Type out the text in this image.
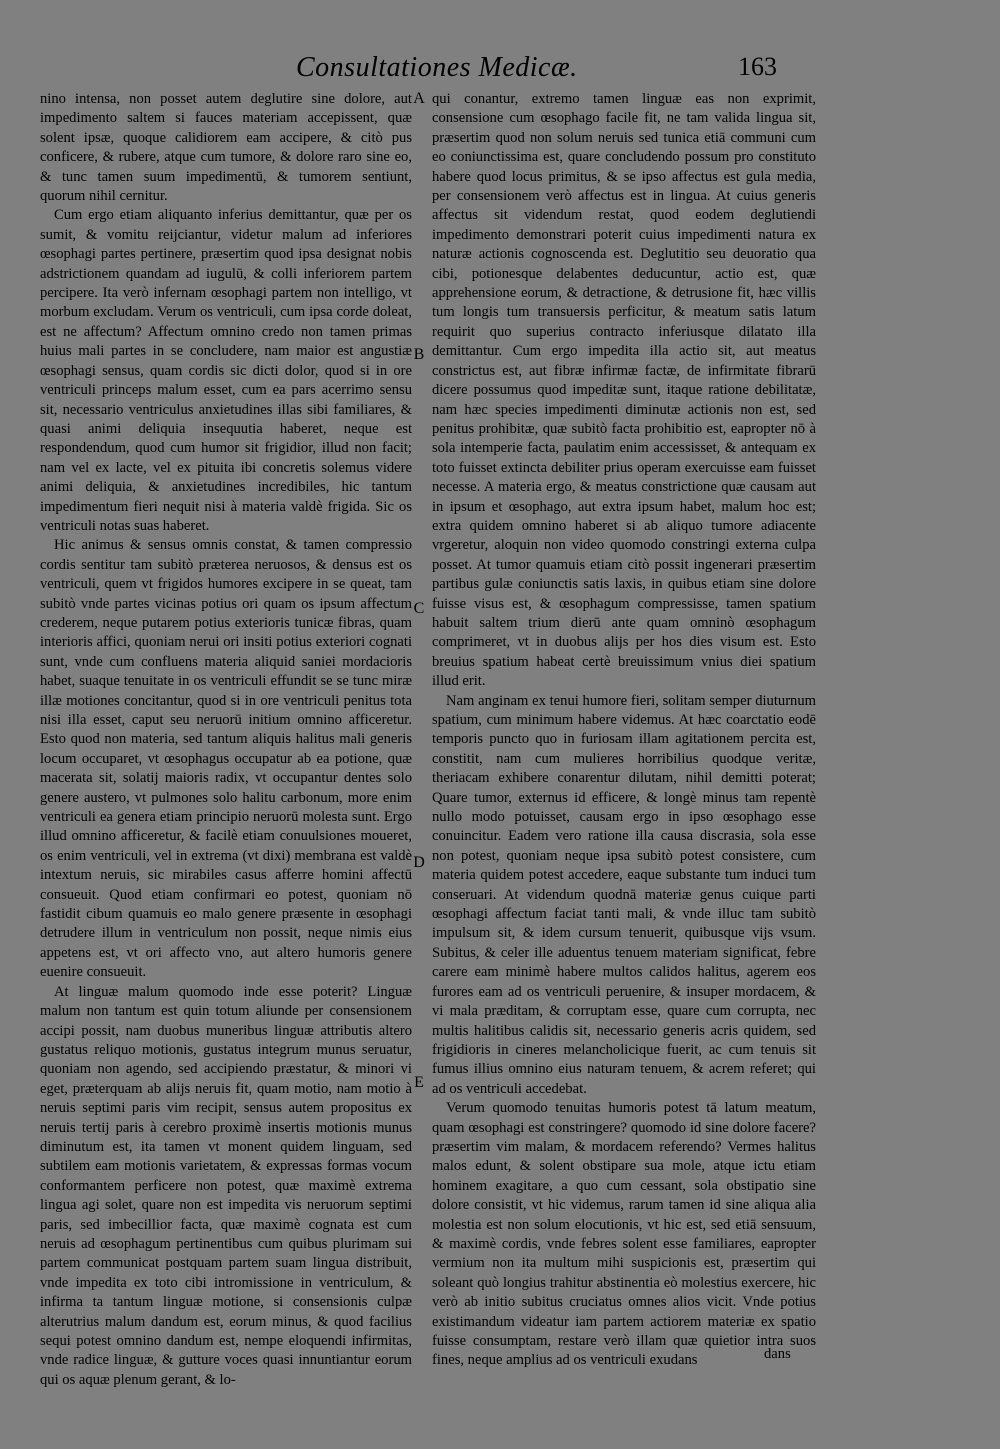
Consultationes Medicæ.	163

nino intensa, non posset autem deglutire sine dolore, aut impedimento saltem si fauces materiam accepissent, quæ solent ipsæ, quoque calidiorem eam accipere, & citò pus conficere, & rubere, atque cum tumore, & dolore raro sine eo, & tunc tamen suum impedimentū, & tumorem sentiunt, quorum nihil cernitur.

Cum ergo etiam aliquanto inferius demittantur, quæ per os sumit, & vomitu reijciantur, videtur malum ad inferiores œsophagi partes pertinere, præsertim quod ipsa designat nobis adstrictionem quandam ad iugulū, & colli inferiorem partem percipere. Ita verò infernam œsophagi partem non intelligo, vt morbum excludam. Verum os ventriculi, cum ipsa corde doleat, est ne affectum? Affectum omnino credo non tamen primas huius mali partes in se concludere, nam maior est angustiæ œsophagi sensus, quam cordis sic dicti dolor, quod si in ore ventriculi princeps malum esset, cum ea pars acerrimo sensu sit, necessario ventriculus anxietudines illas sibi familiares, & quasi animi deliquia insequutia haberet, neque est respondendum, quod cum humor sit frigidior, illud non facit; nam vel ex lacte, vel ex pituita ibi concretis solemus videre animi deliquia, & anxietudines incredibiles, hic tantum impedimentum fieri nequit nisi à materia valdè frigida. Sic os ventriculi notas suas haberet.

Hic animus & sensus omnis constat, & tamen compressio cordis sentitur tam subitò præterea neruosos, & densus est os ventriculi, quem vt frigidos humores excipere in se queat, tam subitò vnde partes vicinas potius ori quam os ipsum affectum crederem, neque putarem potius exterioris tunicæ fibras, quam interioris affici, quoniam nerui ori insiti potius exteriori cognati sunt, vnde cum confluens materia aliquid saniei mordacioris habet, suaque tenuitate in os ventriculi effundit se se tunc miræ illæ motiones concitantur, quod si in ore ventriculi penitus tota nisi illa esset, caput seu neruorū initium omnino afficeretur. Esto quod non materia, sed tantum aliquis halitus mali generis locum occuparet, vt œsophagus occupatur ab ea potione, quæ macerata sit, solatij maioris radix, vt occupantur dentes solo genere austero, vt pulmones solo halitu carbonum, more enim ventriculi ea genera etiam principio neruorū molesta sunt. Ergo illud omnino afficeretur, & facilè etiam conuulsiones moueret, os enim ventriculi, vel in extrema (vt dixi) membrana est valdè intextum neruis, sic mirabiles casus afferre homini affectū consueuit. Quod etiam confirmari eo potest, quoniam nō fastidit cibum quamuis eo malo genere præsente in œsophagi detrudere illum in ventriculum non possit, neque nimis eius appetens est, vt ori affecto vno, aut altero humoris genere euenire consueuit.

At linguæ malum quomodo inde esse poterit? Linguæ malum non tantum est quin totum aliunde per consensionem accipi possit, nam duobus muneribus linguæ attributis altero gustatus reliquo motionis, gustatus integrum munus seruatur, quoniam non agendo, sed accipiendo præstatur, & minori vi eget, præterquam ab alijs neruis fit, quam motio, nam motio à neruis septimi paris vim recipit, sensus autem propositus ex neruis tertij paris à cerebro proximè insertis motionis munus diminutum est, ita tamen vt monent quidem linguam, sed subtilem eam motionis varietatem, & expressas formas vocum conformantem perficere non potest, quæ maximè extrema lingua agi solet, quare non est impedita vis neruorum septimi paris, sed imbecillior facta, quæ maximè cognata est cum neruis ad œsophagum pertinentibus cum quibus plurimam sui partem communicat postquam partem suam lingua distribuit, vnde impedita ex toto cibi intromissione in ventriculum, & infirma ta tantum linguæ motione, si consensionis culpæ alterutrius malum dandum est, eorum minus, & quod facilius sequi potest omnino dandum est, nempe eloquendi infirmitas, vnde radice linguæ, & gutture voces quasi innuntiantur eorum qui os aquæ plenum gerant, & lo-

A
B
C
D
E

qui conantur, extremo tamen linguæ eas non exprimit, consensione cum œsophago facile fit, ne tam valida lingua sit, præsertim quod non solum neruis sed tunica etiā communi cum eo coniunctissima est, quare concludendo possum pro constituto habere quod locus primitus, & se ipso affectus est gula media, per consensionem verò affectus est in lingua. At cuius generis affectus sit videndum restat, quod eodem deglutiendi impedimento demonstrari poterit cuius impedimenti natura ex naturæ actionis cognoscenda est. Deglutitio seu deuoratio qua cibi, potionesque delabentes deducuntur, actio est, quæ apprehensione eorum, & detractione, & detrusione fit, hæc villis tum longis tum transuersis perficitur, & meatum satis latum requirit quo superius contracto inferiusque dilatato illa demittantur. Cum ergo impedita illa actio sit, aut meatus constrictus est, aut fibræ infirmæ factæ, de infirmitate fibrarū dicere possumus quod impeditæ sunt, itaque ratione debilitatæ, nam hæc species impedimenti diminutæ actionis non est, sed penitus prohibitæ, quæ subitò facta prohibitio est, eapropter nō à sola intemperie facta, paulatim enim accessisset, & antequam ex toto fuisset extincta debiliter prius operam exercuisse eam fuisset necesse. A materia ergo, & meatus constrictione quæ causam aut in ipsum et œsophago, aut extra ipsum habet, malum hoc est; extra quidem omnino haberet si ab aliquo tumore adiacente vrgeretur, aloquin non video quomodo constringi externa culpa posset. At tumor quamuis etiam citò possit ingenerari præsertim partibus gulæ coniunctis satis laxis, in quibus etiam sine dolore fuisse visus est, & œsophagum compressisse, tamen spatium habuit saltem trium dierū ante quam omninò œsophagum comprimeret, vt in duobus alijs per hos dies visum est. Esto breuius spatium habeat certè breuissimum vnius diei spatium illud erit.

Nam anginam ex tenui humore fieri, solitam semper diuturnum spatium, cum minimum habere videmus. At hæc coarctatio eodē temporis puncto quo in furiosam illam agitationem percita est, constitit, nam cum mulieres horribilius quodque veritæ, theriacam exhibere conarentur dilutam, nihil demitti poterat; Quare tumor, externus id efficere, & longè minus tam repentè nullo modo potuisset, causam ergo in ipso œsophago esse conuincitur. Eadem vero ratione illa causa discrasia, sola esse non potest, quoniam neque ipsa subitò potest consistere, cum materia quidem potest accedere, eaque substante tum induci tum conseruari. At videndum quodnā materiæ genus cuique parti œsophagi affectum faciat tanti mali, & vnde illuc tam subitò impulsum sit, & idem cursum tenuerit, quibusque vijs vsum. Subitus, & celer ille aduentus tenuem materiam significat, febre carere eam minimè habere multos calidos halitus, agerem eos furores eam ad os ventriculi peruenire, & insuper mordacem, & vi mala præditam, & corruptam esse, quare cum corrupta, nec multis halitibus calidis sit, necessario generis acris quidem, sed frigidioris in cineres melancholicique fuerit, ac cum tenuis sit fumus illius omnino eius naturam tenuem, & acrem referet; qui ad os ventriculi accedebat.

Verum quomodo tenuitas humoris potest tā latum meatum, quam œsophagi est constringere? quomodo id sine dolore facere? præsertim vim malam, & mordacem referendo? Vermes halitus malos edunt, & solent obstipare sua mole, atque ictu etiam hominem exagitare, a quo cum cessant, sola obstipatio sine dolore consistit, vt hic videmus, rarum tamen id sine aliqua alia molestia est non solum elocutionis, vt hic est, sed etiā sensuum, & maximè cordis, vnde febres solent esse familiares, eapropter vermium non ita multum mihi suspicionis est, præsertim qui soleant quò longius trahitur abstinentia eò molestius exercere, hic verò ab initio subitus cruciatus omnes alios vicit. Vnde potius existimandum videatur iam partem actiorem materiæ ex spatio fuisse consumptam, restare verò illam quæ quietior intra suos fines, neque amplius ad os ventriculi exudans	dans
